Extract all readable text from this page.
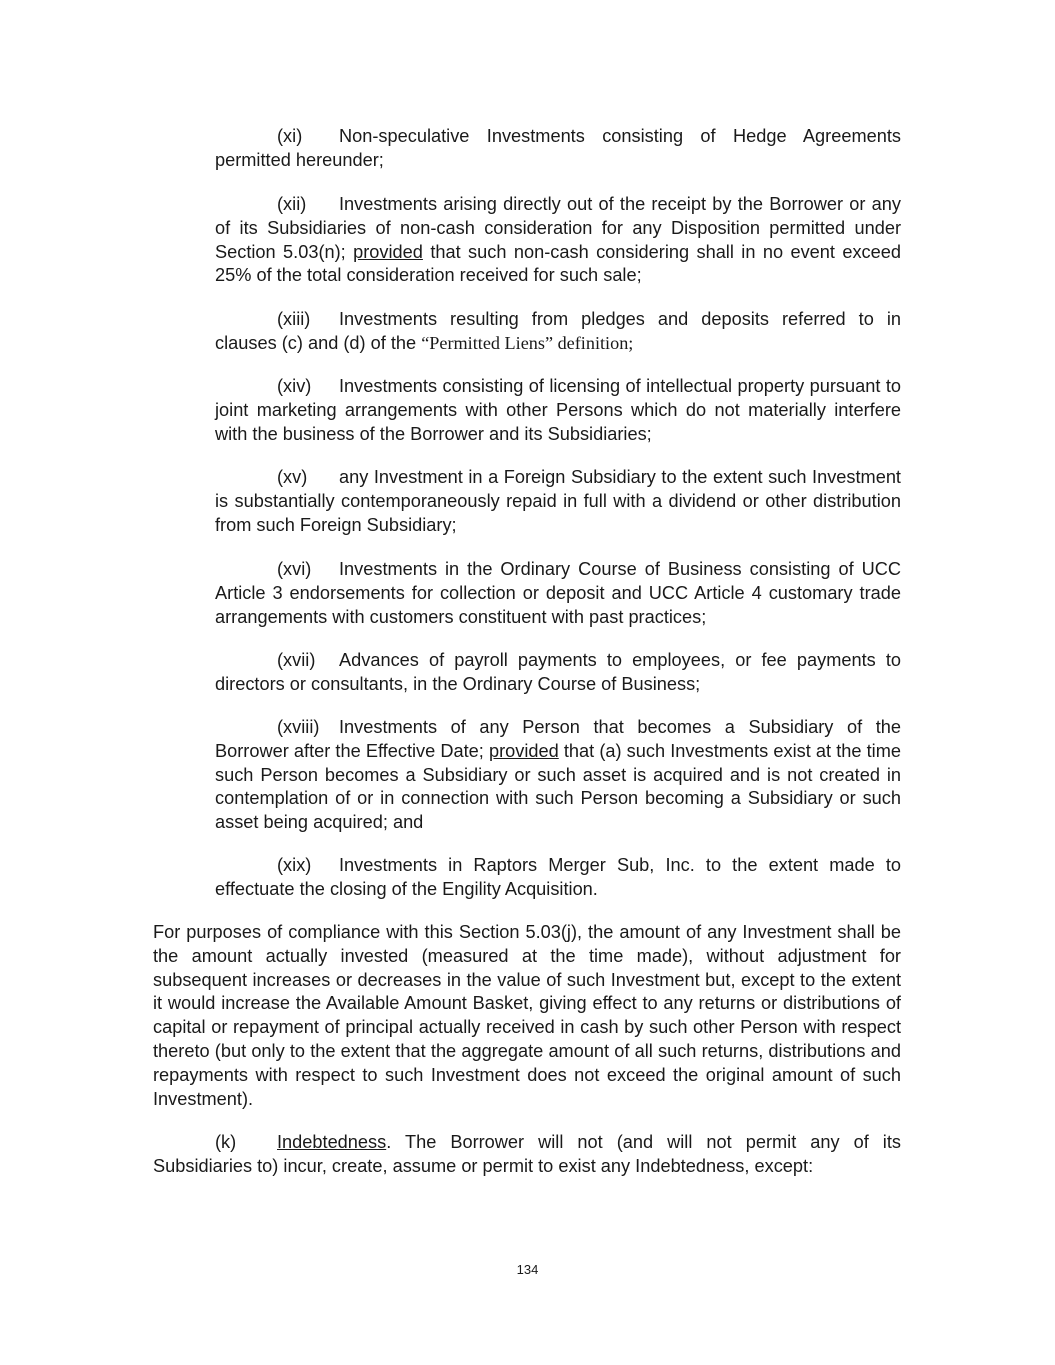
(xi) Non-speculative Investments consisting of Hedge Agreements permitted hereunder;

(xii) Investments arising directly out of the receipt by the Borrower or any of its Subsidiaries of non-cash consideration for any Disposition permitted under Section 5.03(n); provided that such non-cash considering shall in no event exceed 25% of the total consideration received for such sale;

(xiii) Investments resulting from pledges and deposits referred to in clauses (c) and (d) of the “Permitted Liens” definition;

(xiv) Investments consisting of licensing of intellectual property pursuant to joint marketing arrangements with other Persons which do not materially interfere with the business of the Borrower and its Subsidiaries;

(xv) any Investment in a Foreign Subsidiary to the extent such Investment is substantially contemporaneously repaid in full with a dividend or other distribution from such Foreign Subsidiary;

(xvi) Investments in the Ordinary Course of Business consisting of UCC Article 3 endorsements for collection or deposit and UCC Article 4 customary trade arrangements with customers constituent with past practices;

(xvii) Advances of payroll payments to employees, or fee payments to directors or consultants, in the Ordinary Course of Business;

(xviii) Investments of any Person that becomes a Subsidiary of the Borrower after the Effective Date; provided that (a) such Investments exist at the time such Person becomes a Subsidiary or such asset is acquired and is not created in contemplation of or in connection with such Person becoming a Subsidiary or such asset being acquired; and

(xix) Investments in Raptors Merger Sub, Inc. to the extent made to effectuate the closing of the Engility Acquisition.

For purposes of compliance with this Section 5.03(j), the amount of any Investment shall be the amount actually invested (measured at the time made), without adjustment for subsequent increases or decreases in the value of such Investment but, except to the extent it would increase the Available Amount Basket, giving effect to any returns or distributions of capital or repayment of principal actually received in cash by such other Person with respect thereto (but only to the extent that the aggregate amount of all such returns, distributions and repayments with respect to such Investment does not exceed the original amount of such Investment).

(k) Indebtedness. The Borrower will not (and will not permit any of its Subsidiaries to) incur, create, assume or permit to exist any Indebtedness, except:

134
